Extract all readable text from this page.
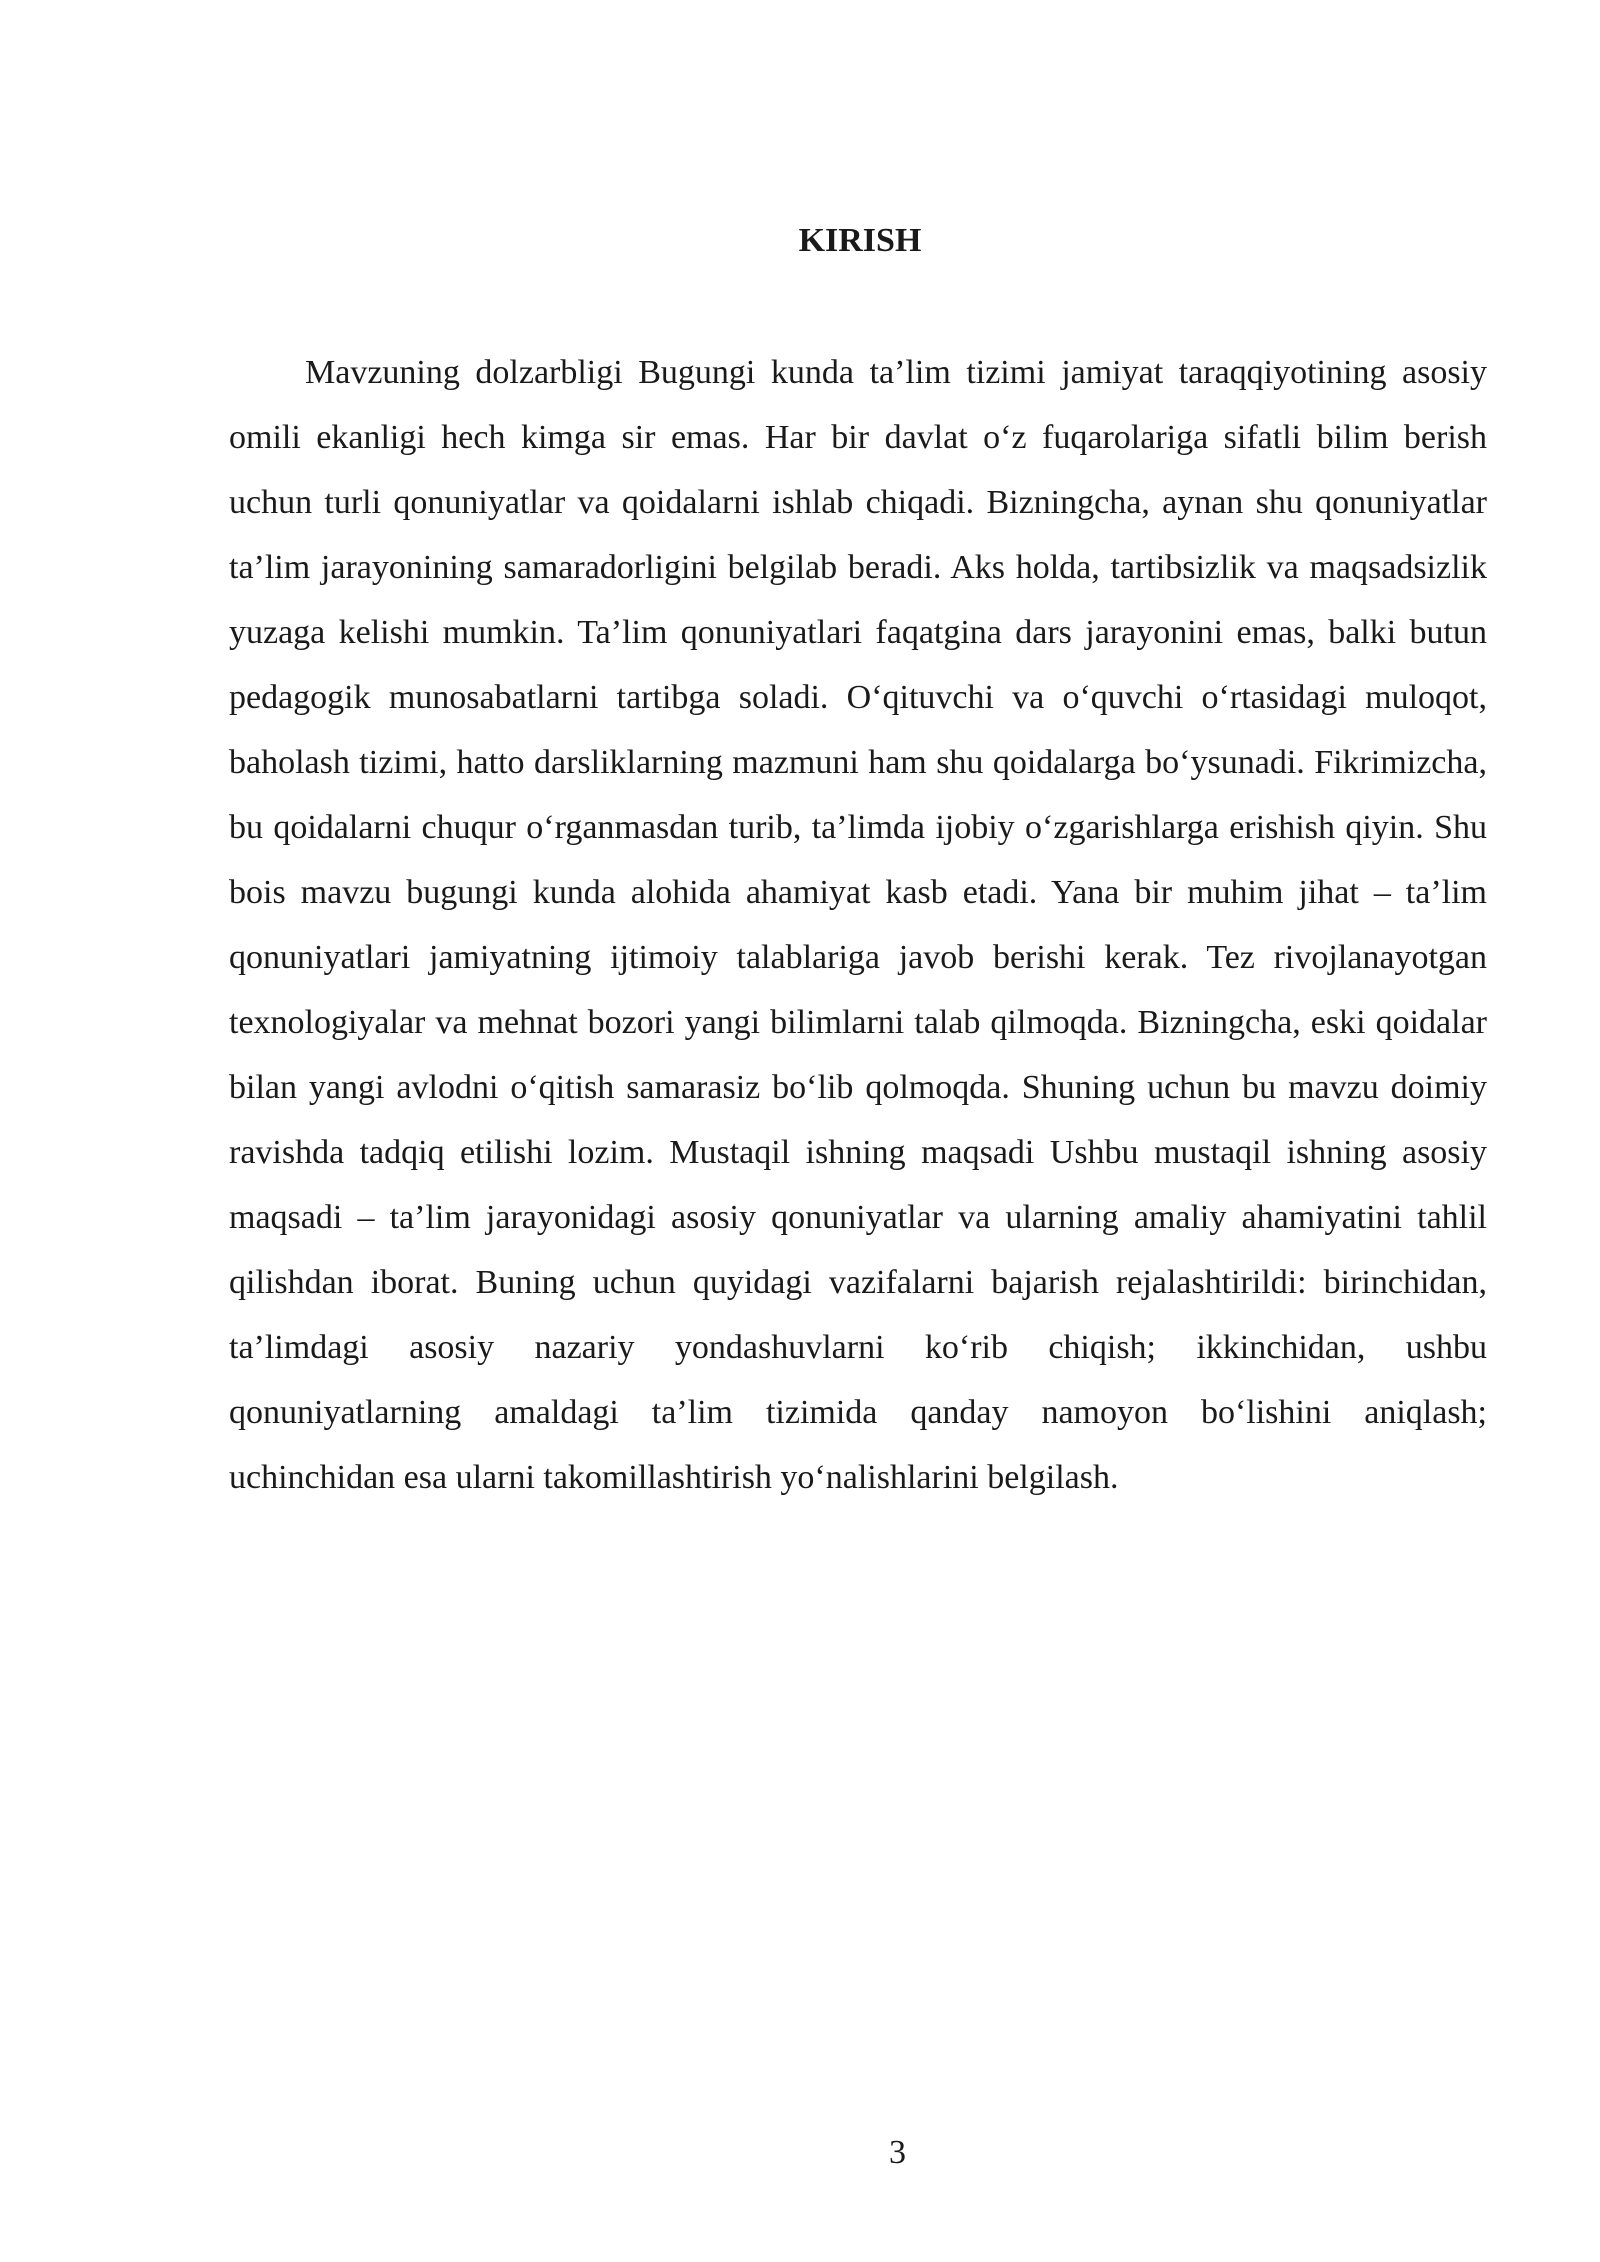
KIRISH

Mavzuning dolzarbligi Bugungi kunda ta’lim tizimi jamiyat taraqqiyotining asosiy omili ekanligi hech kimga sir emas. Har bir davlat o‘z fuqarolariga sifatli bilim berish uchun turli qonuniyatlar va qoidalarni ishlab chiqadi. Bizningcha, aynan shu qonuniyatlar ta’lim jarayonining samaradorligini belgilab beradi. Aks holda, tartibsizlik va maqsadsizlik yuzaga kelishi mumkin. Ta’lim qonuniyatlari faqatgina dars jarayonini emas, balki butun pedagogik munosabatlarni tartibga soladi. O‘qituvchi va o‘quvchi o‘rtasidagi muloqot, baholash tizimi, hatto darsliklarning mazmuni ham shu qoidalarga bo‘ysunadi. Fikrimizcha, bu qoidalarni chuqur o‘rganmasdan turib, ta’limda ijobiy o‘zgarishlarga erishish qiyin. Shu bois mavzu bugungi kunda alohida ahamiyat kasb etadi. Yana bir muhim jihat – ta’lim qonuniyatlari jamiyatning ijtimoiy talablariga javob berishi kerak. Tez rivojlanayotgan texnologiyalar va mehnat bozori yangi bilimlarni talab qilmoqda. Bizningcha, eski qoidalar bilan yangi avlodni o‘qitish samarasiz bo‘lib qolmoqda. Shuning uchun bu mavzu doimiy ravishda tadqiq etilishi lozim. Mustaqil ishning maqsadi Ushbu mustaqil ishning asosiy maqsadi – ta’lim jarayonidagi asosiy qonuniyatlar va ularning amaliy ahamiyatini tahlil qilishdan iborat. Buning uchun quyidagi vazifalarni bajarish rejalashtirildi: birinchidan, ta’limdagi asosiy nazariy yondashuvlarni ko‘rib chiqish; ikkinchidan, ushbu qonuniyatlarning amaldagi ta’lim tizimida qanday namoyon bo‘lishini aniqlash; uchinchidan esa ularni takomillashtirish yo‘nalishlarini belgilash.

3
